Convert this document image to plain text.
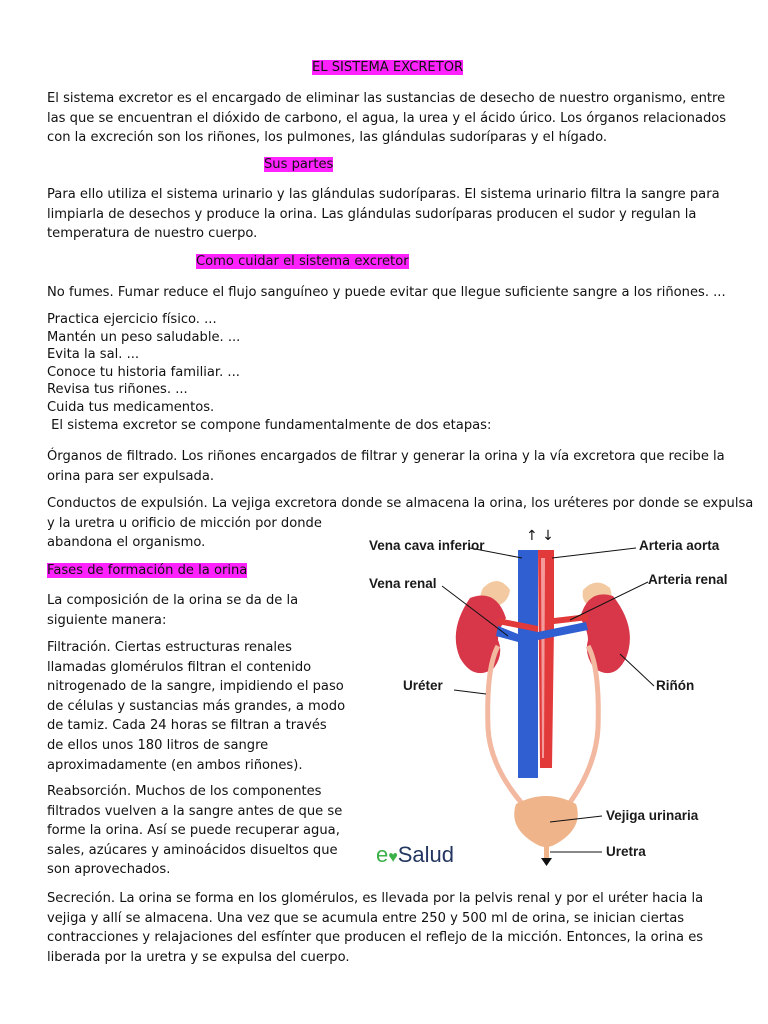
EL SISTEMA EXCRETOR
El sistema excretor es el encargado de eliminar las sustancias de desecho de nuestro organismo, entre las que se encuentran el dióxido de carbono, el agua, la urea y el ácido úrico. Los órganos relacionados con la excreción son los riñones, los pulmones, las glándulas sudoríparas y el hígado.
Sus partes
Para ello utiliza el sistema urinario y las glándulas sudoríparas. El sistema urinario filtra la sangre para limpiarla de desechos y produce la orina. Las glándulas sudoríparas producen el sudor y regulan la temperatura de nuestro cuerpo.
Como cuidar el sistema excretor
No fumes. Fumar reduce el flujo sanguíneo y puede evitar que llegue suficiente sangre a los riñones. ...
Practica ejercicio físico. ...
Mantén un peso saludable. ...
Evita la sal. ...
Conoce tu historia familiar. ...
Revisa tus riñones. ...
Cuida tus medicamentos.
El sistema excretor se compone fundamentalmente de dos etapas:
Órganos de filtrado. Los riñones encargados de filtrar y generar la orina y la vía excretora que recibe la orina para ser expulsada.
Conductos de expulsión. La vejiga excretora donde se almacena la orina, los uréteres por donde se expulsa
y la uretra u orificio de micción por donde
abandona el organismo.
Fases de formación de la orina
La composición de la orina se da de la siguiente manera:
Filtración. Ciertas estructuras renales llamadas glomérulos filtran el contenido nitrogenado de la sangre, impidiendo el paso de células y sustancias más grandes, a modo de tamiz. Cada 24 horas se filtran a través de ellos unos 180 litros de sangre aproximadamente (en ambos riñones).
Reabsorción. Muchos de los componentes filtrados vuelven a la sangre antes de que se forme la orina. Así se puede recuperar agua, sales, azúcares y aminoácidos disueltos que son aprovechados.
Secreción. La orina se forma en los glomérulos, es llevada por la pelvis renal y por el uréter hacia la vejiga y allí se almacena. Una vez que se acumula entre 250 y 500 ml de orina, se inician ciertas contracciones y relajaciones del esfínter que producen el reflejo de la micción. Entonces, la orina es liberada por la uretra y se expulsa del cuerpo.
↑ ↓
Vena cava inferior	Arteria aorta
Vena renal	Arteria renal
Uréter	Riñón
Vejiga urinaria
Uretra
e♥Salud
